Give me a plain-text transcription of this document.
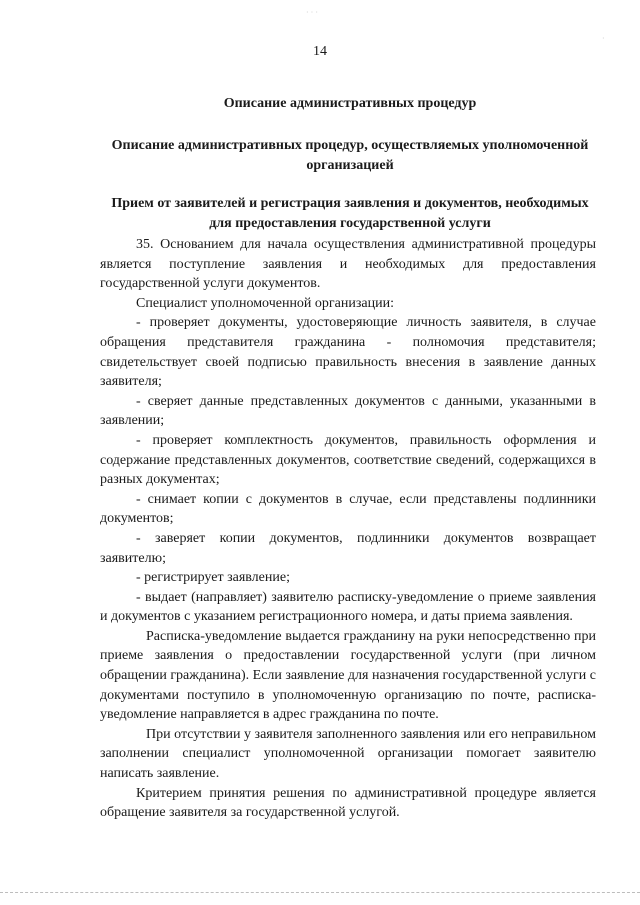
· · ·
·
14
Описание административных процедур
Описание административных процедур, осуществляемых уполномоченной организацией
Прием от заявителей и регистрация заявления и документов, необходимых для предоставления государственной услуги

35. Основанием для начала осуществления административной процедуры является поступление заявления и необходимых для предоставления государственной услуги документов.

Специалист уполномоченной организации:

- проверяет документы, удостоверяющие личность заявителя, в случае обращения представителя гражданина - полномочия представителя; свидетельствует своей подписью правильность внесения в заявление данных заявителя;

- сверяет данные представленных документов с данными, указанными в заявлении;

- проверяет комплектность документов, правильность оформления и содержание представленных документов, соответствие сведений, содержащихся в разных документах;

- снимает копии с документов в случае, если представлены подлинники документов;

- заверяет копии документов, подлинники документов возвращает заявителю;

- регистрирует заявление;

- выдает (направляет) заявителю расписку-уведомление о приеме заявления и документов с указанием регистрационного номера, и даты приема заявления.

Расписка-уведомление выдается гражданину на руки непосредственно при приеме заявления о предоставлении государственной услуги (при личном обращении гражданина). Если заявление для назначения государственной услуги с документами поступило в уполномоченную организацию по почте, расписка-уведомление направляется в адрес гражданина по почте.

При отсутствии у заявителя заполненного заявления или его неправильном заполнении специалист уполномоченной организации помогает заявителю написать заявление.

Критерием принятия решения по административной процедуре является обращение заявителя за государственной услугой.
